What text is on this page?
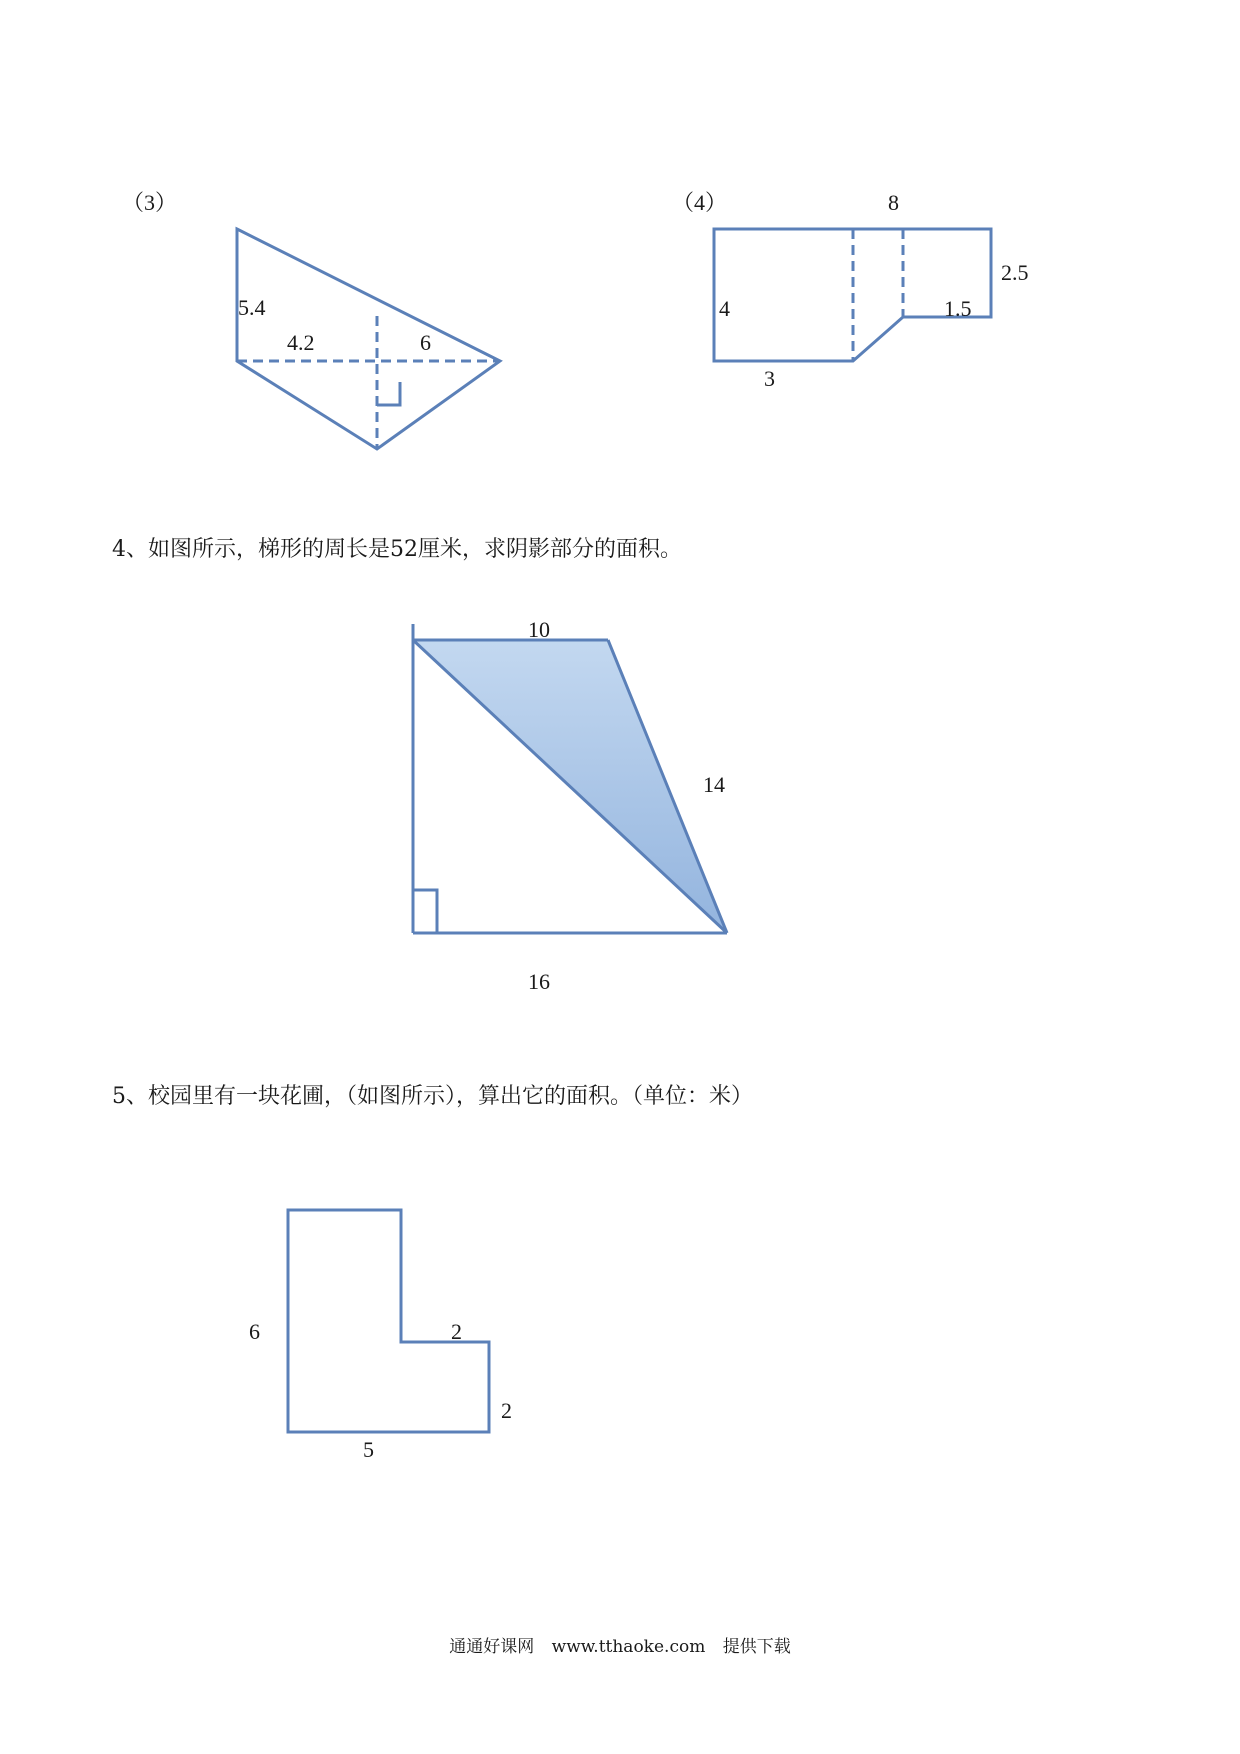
（3）
5.4
4.2	6
（4）	8
2.5
1.5
4
3
10
14
16
6	2
2
5
4、如图所示，梯形的周长是52厘米，求阴影部分的面积。
5、校园里有一块花圃，（如图所示），算出它的面积。（单位：米）
通通好课网 www.tthaoke.com 提供下载
